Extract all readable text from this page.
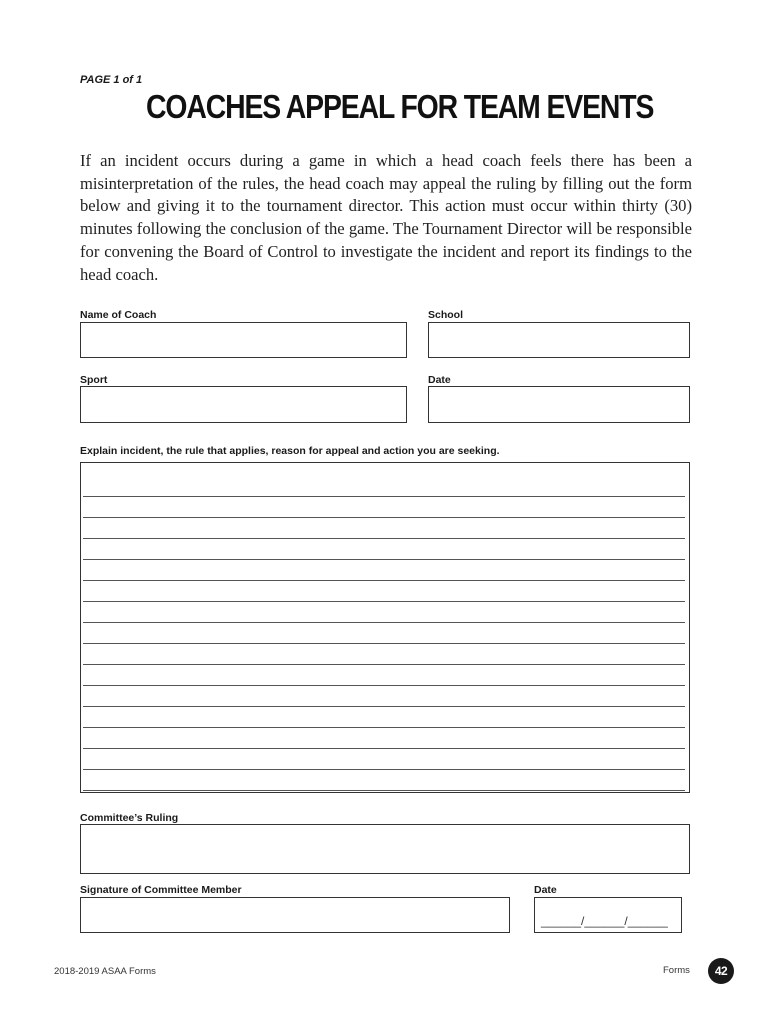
PAGE 1 of 1
COACHES APPEAL FOR TEAM EVENTS
If an incident occurs during a game in which a head coach feels there has been a misinterpretation of the rules, the head coach may appeal the ruling by filling out the form below and giving it to the tournament director. This action must occur within thirty (30) minutes following the conclusion of the game. The Tournament Director will be responsible for convening the Board of Control to investigate the incident and report its findings to the head coach.
Name of Coach	School
Sport	Date
Explain incident, the rule that applies, reason for appeal and action you are seeking.
Committee’s Ruling
Signature of Committee Member	Date
______/______/______
2018-2019 ASAA Forms	Forms	42
